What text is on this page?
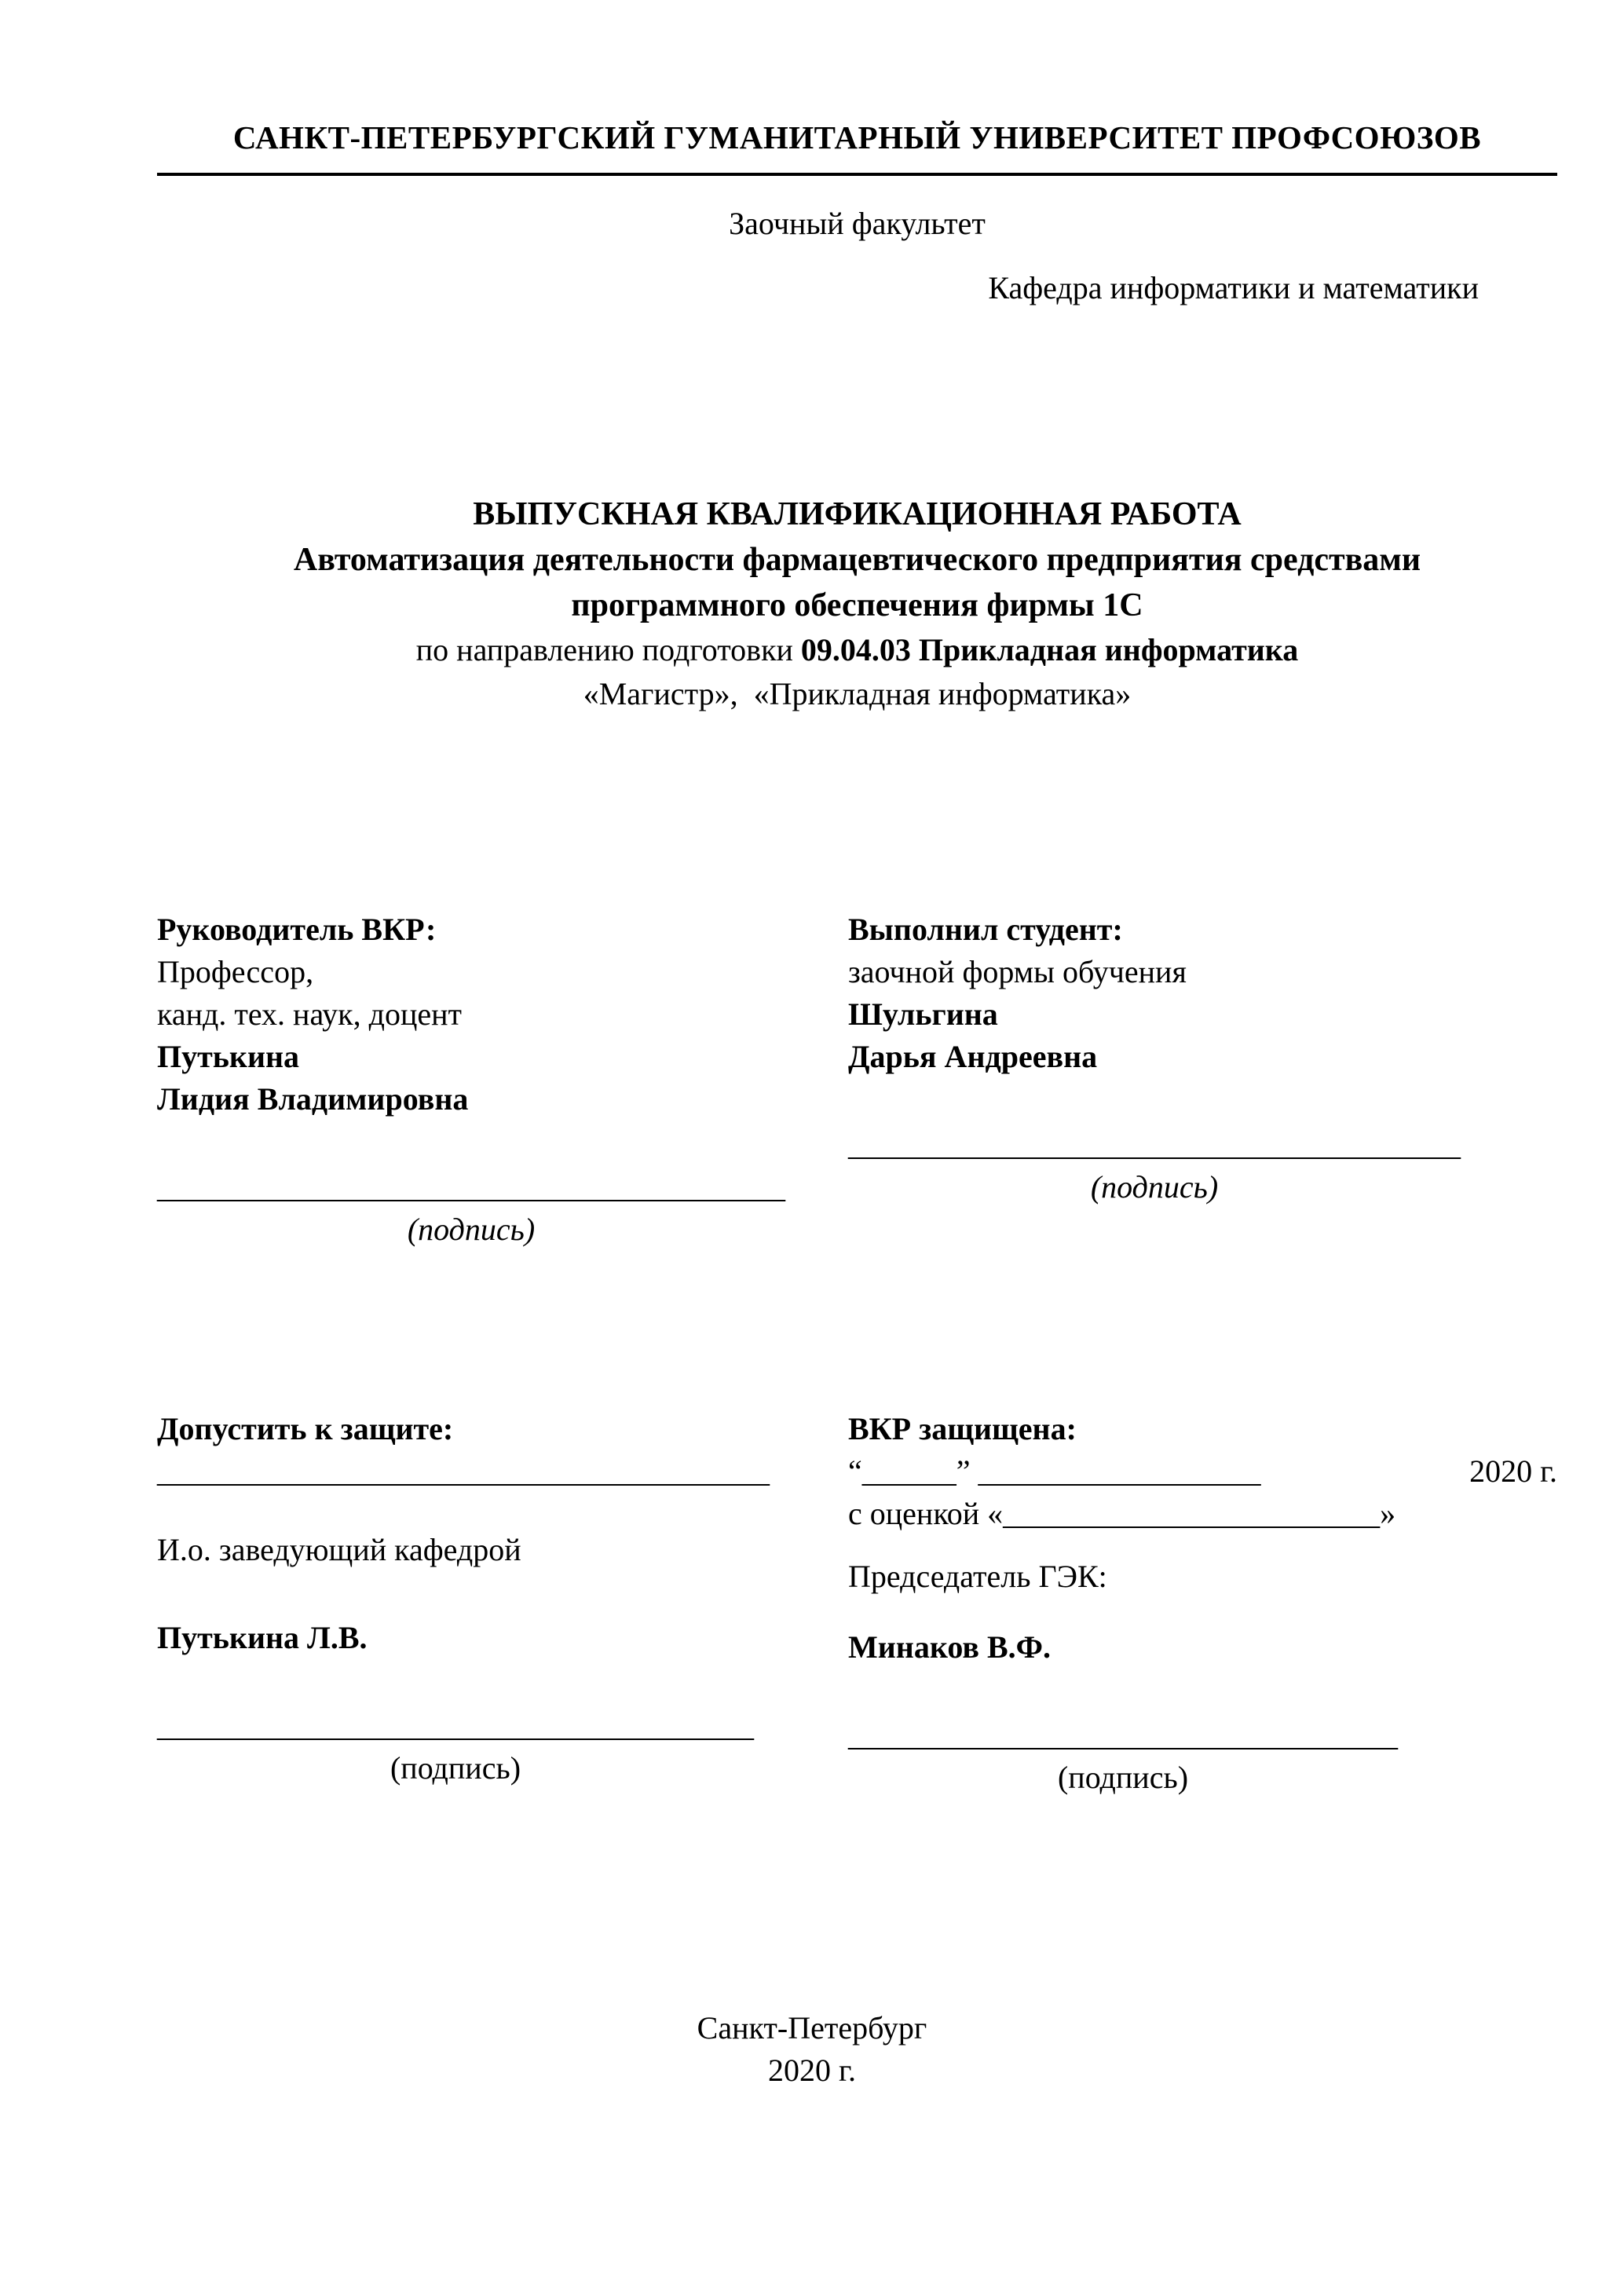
САНКТ-ПЕТЕРБУРГСКИЙ ГУМАНИТАРНЫЙ УНИВЕРСИТЕТ ПРОФСОЮЗОВ
Заочный факультет
Кафедра информатики и математики
ВЫПУСКНАЯ КВАЛИФИКАЦИОННАЯ РАБОТА
Автоматизация деятельности фармацевтического предприятия средствами
программного обеспечения фирмы 1С
по направлению подготовки 09.04.03 Прикладная информатика
«Магистр»,  «Прикладная информатика»
Руководитель ВКР:
Профессор,
канд. тех. наук, доцент
Путькина
Лидия Владимировна
________________________________________
(подпись)
Выполнил студент:
заочной формы обучения
Шульгина
Дарья Андреевна
_______________________________________
(подпись)
Допустить к защите:
_______________________________________
И.о. заведующий кафедрой
Путькина Л.В.
______________________________________
(подпись)
ВКР защищена:
“______” __________________	2020 г.
с оценкой «________________________»
Председатель ГЭК:
Минаков В.Ф.
___________________________________
(подпись)
Санкт-Петербург
2020 г.
